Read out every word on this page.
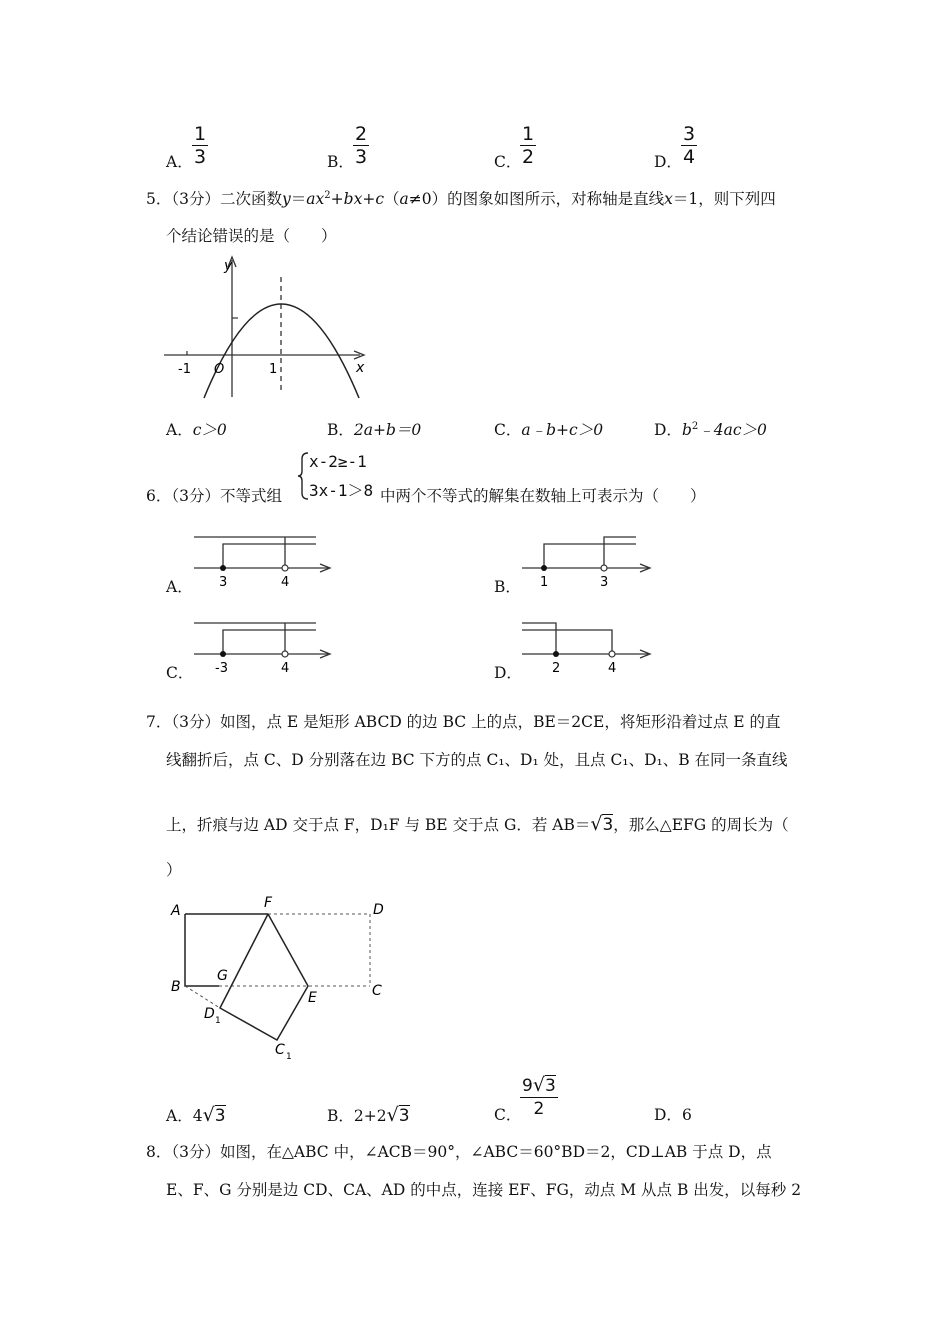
A．
1
3	B．
2
3	C．
1
2	D．
3
4
5．（3分）二次函数$y=ax^2+bx+c(a\ne 0)$的图象如图所示，对称轴是直线x＝1，则下列四
个结论错误的是（　　）
y
x
-1 O	1
A．c＞0	B．2a+b＝0	C．a﹣b+c＞0	D．$b^2﹣4ac>0$
6．（3分）不等式组
x-2≥-1
3x-1＞8 中两个不等式的解集在数轴上可表示为（　　）
A． 3	4	B． 1	3
C． -3	4	D． 2	4
7．（3分）如图，点 E 是矩形 ABCD 的边 BC 上的点，BE＝2CE，将矩形沿着过点 E 的直
线翻折后，点 C、D 分别落在边 BC 下方的点 C₁、D₁ 处，且点 C₁、D₁、B 在同一条直线
上，折痕与边 AD 交于点 F，D₁F 与 BE 交于点 G．若 AB＝√3，那么△EFG 的周长为（
）
A
B
D
C
F
G
E
D 1
C 1
A．4√3	B．2+2√3	C．
9√3
2	D．6
8．（3分）如图，在△ABC 中，∠ACB＝90°，∠ABC＝60°BD＝2，CD⊥AB 于点 D，点
E、F、G 分别是边 CD、CA、AD 的中点，连接 EF、FG，动点 M 从点 B 出发，以每秒 2
